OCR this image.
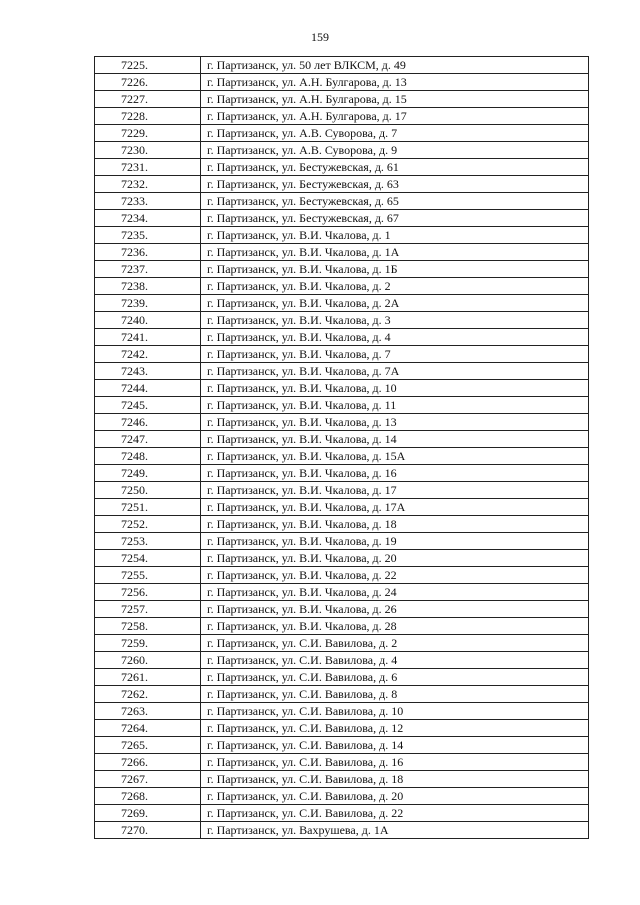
159
7225.	г. Партизанск, ул. 50 лет ВЛКСМ, д. 49
7226.	г. Партизанск, ул. А.Н. Булгарова, д. 13
7227.	г. Партизанск, ул. А.Н. Булгарова, д. 15
7228.	г. Партизанск, ул. А.Н. Булгарова, д. 17
7229.	г. Партизанск, ул. А.В. Суворова, д. 7
7230.	г. Партизанск, ул. А.В. Суворова, д. 9
7231.	г. Партизанск, ул. Бестужевская, д. 61
7232.	г. Партизанск, ул. Бестужевская, д. 63
7233.	г. Партизанск, ул. Бестужевская, д. 65
7234.	г. Партизанск, ул. Бестужевская, д. 67
7235.	г. Партизанск, ул. В.И. Чкалова, д. 1
7236.	г. Партизанск, ул. В.И. Чкалова, д. 1А
7237.	г. Партизанск, ул. В.И. Чкалова, д. 1Б
7238.	г. Партизанск, ул. В.И. Чкалова, д. 2
7239.	г. Партизанск, ул. В.И. Чкалова, д. 2А
7240.	г. Партизанск, ул. В.И. Чкалова, д. 3
7241.	г. Партизанск, ул. В.И. Чкалова, д. 4
7242.	г. Партизанск, ул. В.И. Чкалова, д. 7
7243.	г. Партизанск, ул. В.И. Чкалова, д. 7А
7244.	г. Партизанск, ул. В.И. Чкалова, д. 10
7245.	г. Партизанск, ул. В.И. Чкалова, д. 11
7246.	г. Партизанск, ул. В.И. Чкалова, д. 13
7247.	г. Партизанск, ул. В.И. Чкалова, д. 14
7248.	г. Партизанск, ул. В.И. Чкалова, д. 15А
7249.	г. Партизанск, ул. В.И. Чкалова, д. 16
7250.	г. Партизанск, ул. В.И. Чкалова, д. 17
7251.	г. Партизанск, ул. В.И. Чкалова, д. 17А
7252.	г. Партизанск, ул. В.И. Чкалова, д. 18
7253.	г. Партизанск, ул. В.И. Чкалова, д. 19
7254.	г. Партизанск, ул. В.И. Чкалова, д. 20
7255.	г. Партизанск, ул. В.И. Чкалова, д. 22
7256.	г. Партизанск, ул. В.И. Чкалова, д. 24
7257.	г. Партизанск, ул. В.И. Чкалова, д. 26
7258.	г. Партизанск, ул. В.И. Чкалова, д. 28
7259.	г. Партизанск, ул. С.И. Вавилова, д. 2
7260.	г. Партизанск, ул. С.И. Вавилова, д. 4
7261.	г. Партизанск, ул. С.И. Вавилова, д. 6
7262.	г. Партизанск, ул. С.И. Вавилова, д. 8
7263.	г. Партизанск, ул. С.И. Вавилова, д. 10
7264.	г. Партизанск, ул. С.И. Вавилова, д. 12
7265.	г. Партизанск, ул. С.И. Вавилова, д. 14
7266.	г. Партизанск, ул. С.И. Вавилова, д. 16
7267.	г. Партизанск, ул. С.И. Вавилова, д. 18
7268.	г. Партизанск, ул. С.И. Вавилова, д. 20
7269.	г. Партизанск, ул. С.И. Вавилова, д. 22
7270.	г. Партизанск, ул. Вахрушева, д. 1А
